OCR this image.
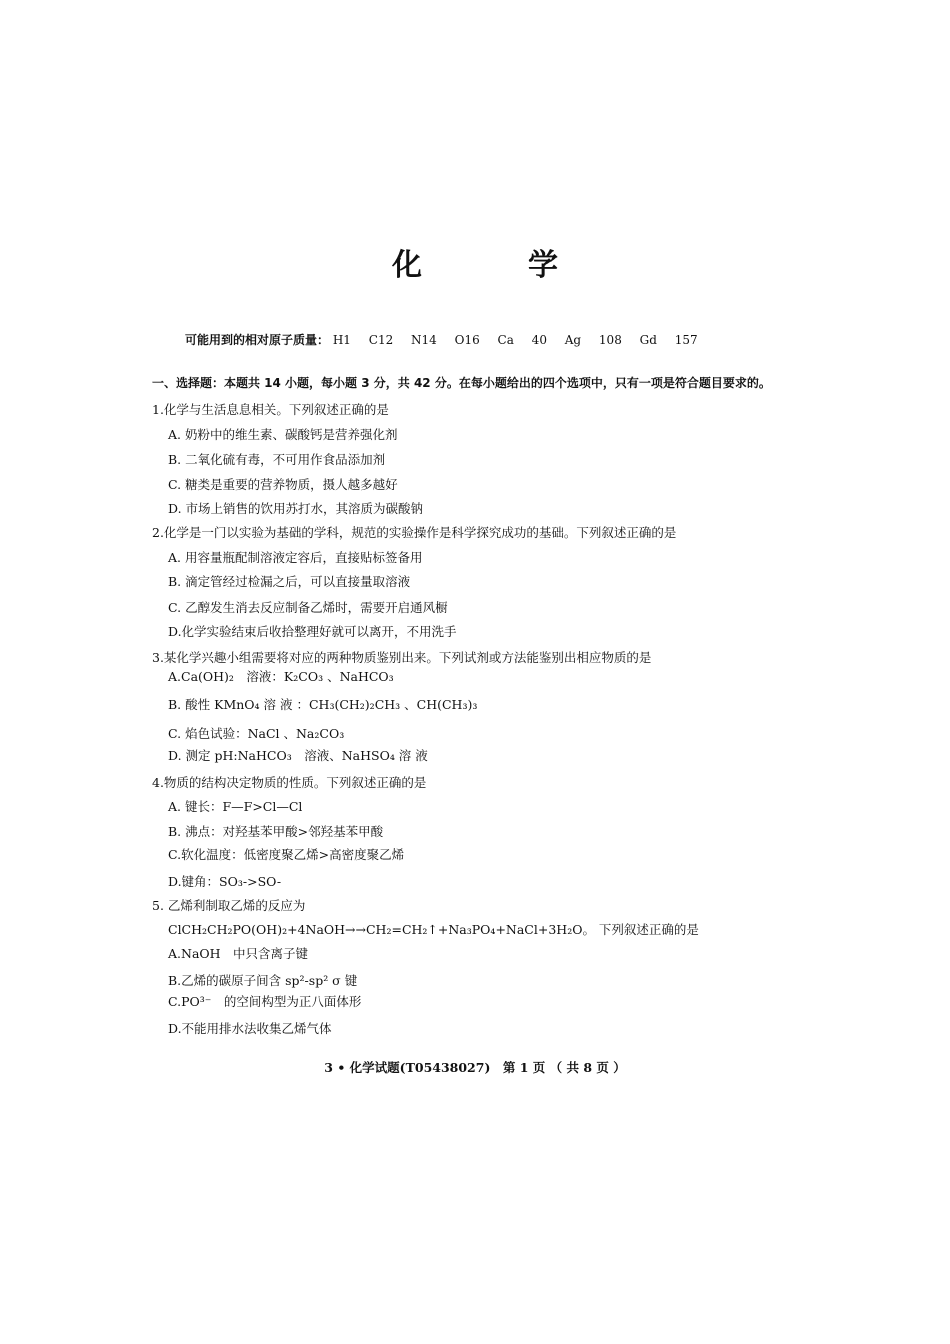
化　学
可能用到的相对原子质量： H1 C12 N14 O16 Ca 40 Ag 108 Gd 157
一、选择题：本题共 14 小题，每小题 3 分，共 42 分。在每小题给出的四个选项中，只有一项是符合题目要求的。
1.化学与生活息息相关。下列叙述正确的是
A. 奶粉中的维生素、碳酸钙是营养强化剂
B. 二氧化硫有毒，不可用作食品添加剂
C. 糖类是重要的营养物质，摄人越多越好
D. 市场上销售的饮用苏打水，其溶质为碳酸钠
2.化学是一门以实验为基础的学科，规范的实验操作是科学探究成功的基础。下列叙述正确的是
A. 用容量瓶配制溶液定容后，直接贴标签备用
B. 滴定管经过检漏之后，可以直接量取溶液
C. 乙醇发生消去反应制备乙烯时，需要开启通风橱
D.化学实验结束后收拾整理好就可以离开，不用洗手
3.某化学兴趣小组需要将对应的两种物质鉴别出来。下列试剂或方法能鉴别出相应物质的是
A.Ca(OH)₂　溶液：K₂CO₃ 、NaHCO₃
B. 酸性 KMnO₄ 溶 液 ：CH₃(CH₂)₂CH₃ 、CH(CH₃)₃
C. 焰色试验：NaCl 、Na₂CO₃
D. 测定 pH:NaHCO₃　溶液、NaHSO₄ 溶 液
4.物质的结构决定物质的性质。下列叙述正确的是
A. 键长：F—F>Cl—Cl
B. 沸点：对羟基苯甲酸>邻羟基苯甲酸
C.软化温度：低密度聚乙烯>高密度聚乙烯
D.键角：SO₃->SO-
5. 乙烯利制取乙烯的反应为
ClCH₂CH₂PO(OH)₂+4NaOH→→CH₂=CH₂↑+Na₃PO₄+NaCl+3H₂O。 下列叙述正确的是
A.NaOH　中只含离子键
B.乙烯的碳原子间含 sp²-sp² σ 键
C.PO³⁻　的空间构型为正八面体形
D.不能用排水法收集乙烯气体
3 • 化学试题(T05438027)　第 1 页 （ 共 8 页 ）
